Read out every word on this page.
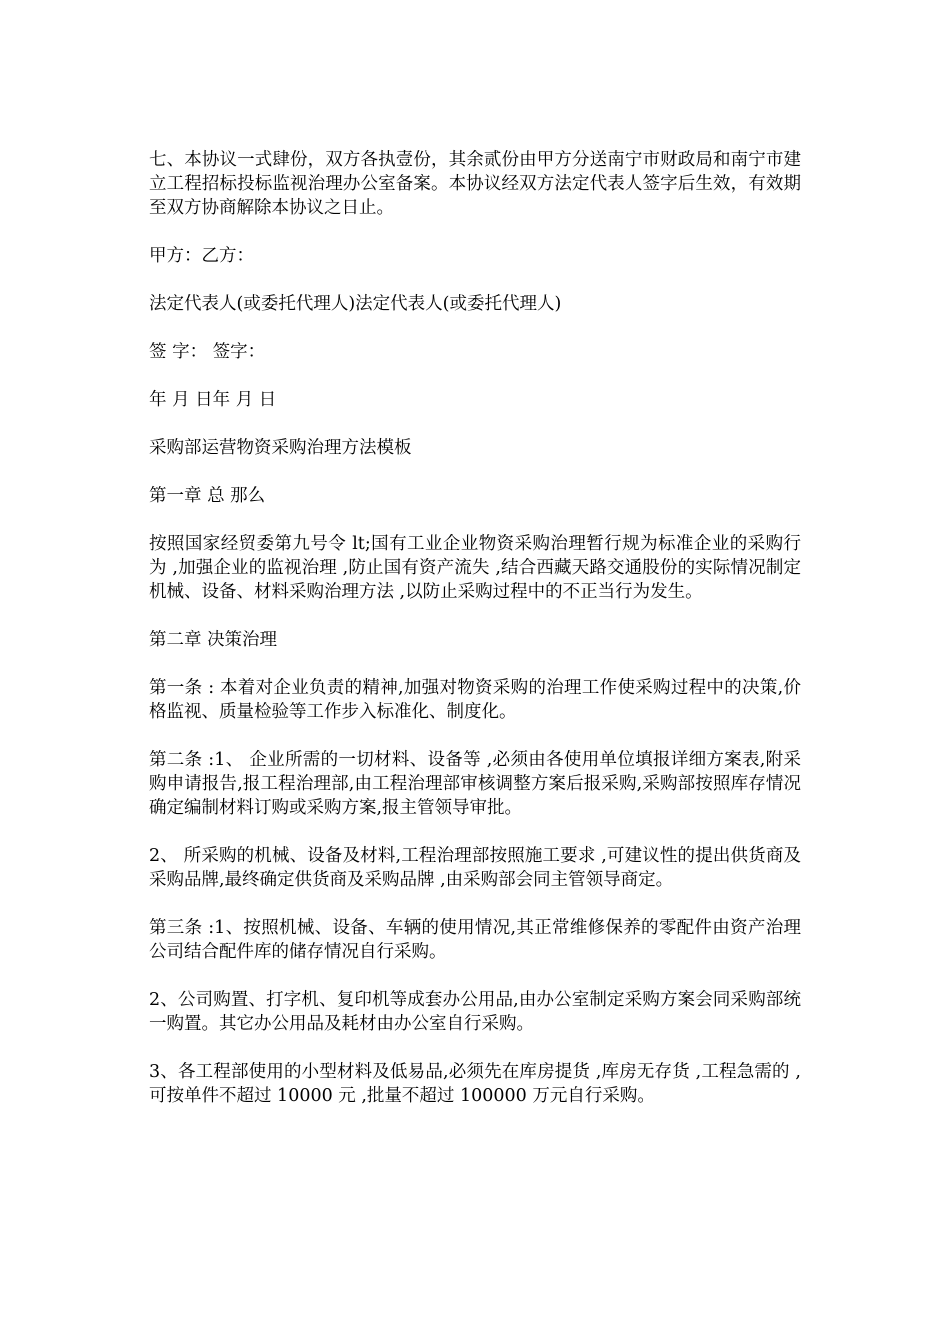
七、本协议一式肆份，双方各执壹份，其余贰份由甲方分送南宁市财政局和南宁市建立工程招标投标监视治理办公室备案。本协议经双方法定代表人签字后生效，有效期至双方协商解除本协议之日止。

甲方：乙方：

法定代表人(或委托代理人)法定代表人(或委托代理人)

签 字： 签字：

年 月 日年 月 日

采购部运营物资采购治理方法模板

第一章 总 那么

按照国家经贸委第九号令 lt;国有工业企业物资采购治理暂行规为标准企业的采购行为 ,加强企业的监视治理 ,防止国有资产流失 ,结合西藏天路交通股份的实际情况制定机械、设备、材料采购治理方法 ,以防止采购过程中的不正当行为发生。

第二章 决策治理

第一条 : 本着对企业负责的精神,加强对物资采购的治理工作使采购过程中的决策,价格监视、质量检验等工作步入标准化、制度化。

第二条 :1、 企业所需的一切材料、设备等 ,必须由各使用单位填报详细方案表,附采购申请报告,报工程治理部,由工程治理部审核调整方案后报采购,采购部按照库存情况确定编制材料订购或采购方案,报主管领导审批。

2、 所采购的机械、设备及材料,工程治理部按照施工要求 ,可建议性的提出供货商及采购品牌,最终确定供货商及采购品牌 ,由采购部会同主管领导商定。

第三条 :1、按照机械、设备、车辆的使用情况,其正常维修保养的零配件由资产治理公司结合配件库的储存情况自行采购。

2、公司购置、打字机、复印机等成套办公用品,由办公室制定采购方案会同采购部统一购置。其它办公用品及耗材由办公室自行采购。

3、各工程部使用的小型材料及低易品,必须先在库房提货 ,库房无存货 ,工程急需的 ,可按单件不超过 10000 元 ,批量不超过 100000 万元自行采购。
